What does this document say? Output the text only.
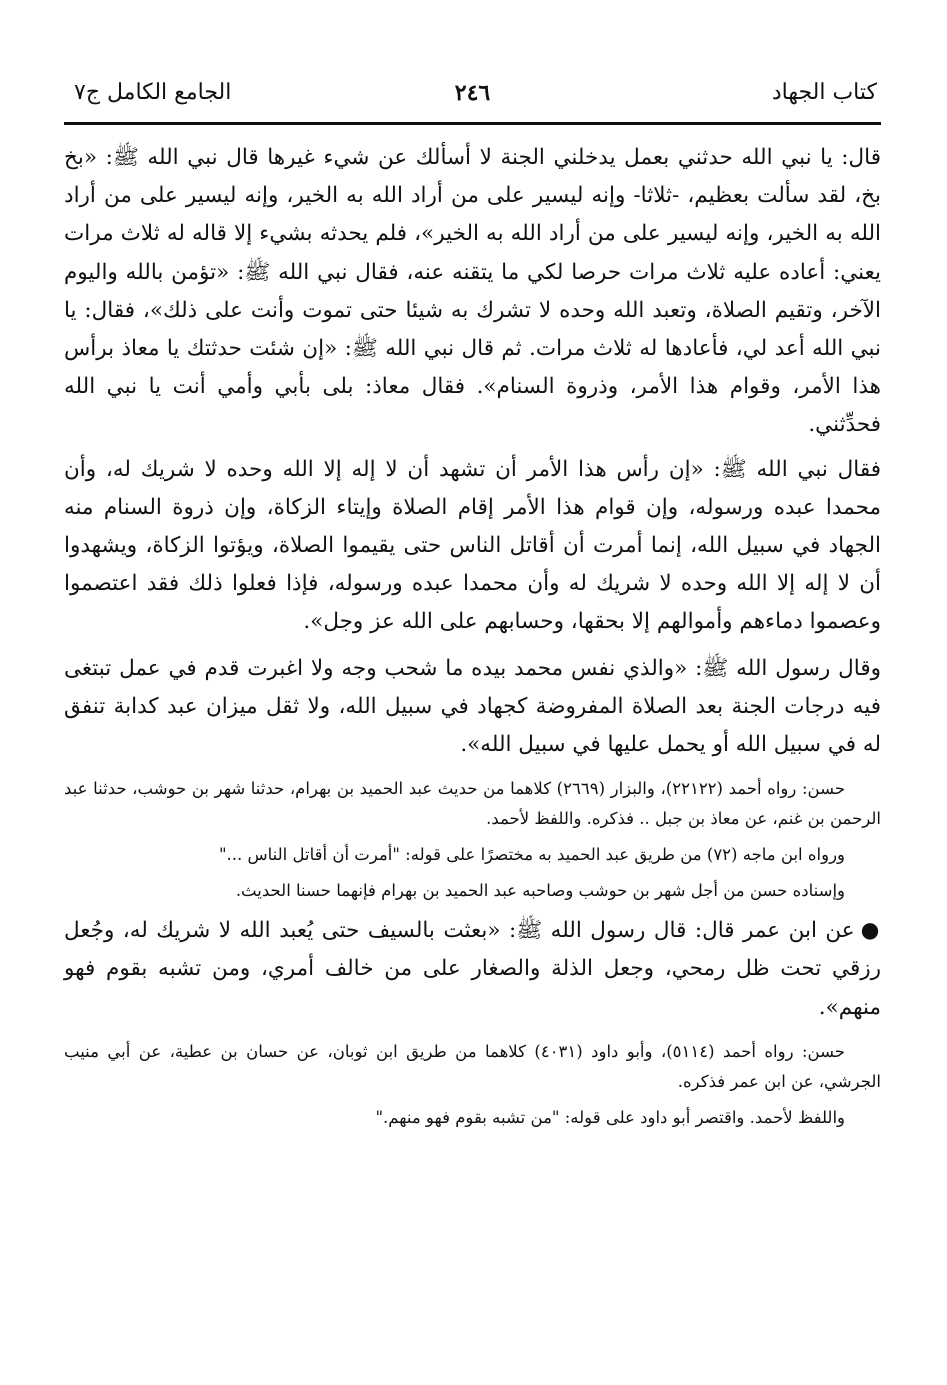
كتاب الجهاد
٢٤٦
الجامع الكامل ج٧

قال: يا نبي الله حدثني بعمل يدخلني الجنة لا أسألك عن شيء غيرها قال نبي الله ﷺ: «بخ بخ، لقد سألت بعظيم، -ثلاثا- وإنه ليسير على من أراد الله به الخير، وإنه ليسير على من أراد الله به الخير، وإنه ليسير على من أراد الله به الخير»، فلم يحدثه بشيء إلا قاله له ثلاث مرات يعني: أعاده عليه ثلاث مرات حرصا لكي ما يتقنه عنه، فقال نبي الله ﷺ: «تؤمن بالله واليوم الآخر، وتقيم الصلاة، وتعبد الله وحده لا تشرك به شيئا حتى تموت وأنت على ذلك»، فقال: يا نبي الله أعد لي، فأعادها له ثلاث مرات. ثم قال نبي الله ﷺ: «إن شئت حدثتك يا معاذ برأس هذا الأمر، وقوام هذا الأمر، وذروة السنام». فقال معاذ: بلى بأبي وأمي أنت يا نبي الله فحدِّثني.

فقال نبي الله ﷺ: «إن رأس هذا الأمر أن تشهد أن لا إله إلا الله وحده لا شريك له، وأن محمدا عبده ورسوله، وإن قوام هذا الأمر إقام الصلاة وإيتاء الزكاة، وإن ذروة السنام منه الجهاد في سبيل الله، إنما أمرت أن أقاتل الناس حتى يقيموا الصلاة، ويؤتوا الزكاة، ويشهدوا أن لا إله إلا الله وحده لا شريك له وأن محمدا عبده ورسوله، فإذا فعلوا ذلك فقد اعتصموا وعصموا دماءهم وأموالهم إلا بحقها، وحسابهم على الله عز وجل».

وقال رسول الله ﷺ: «والذي نفس محمد بيده ما شحب وجه ولا اغبرت قدم في عمل تبتغى فيه درجات الجنة بعد الصلاة المفروضة كجهاد في سبيل الله، ولا ثقل ميزان عبد كدابة تنفق له في سبيل الله أو يحمل عليها في سبيل الله».

حسن: رواه أحمد (٢٢١٢٢)، والبزار (٢٦٦٩) كلاهما من حديث عبد الحميد بن بهرام، حدثنا شهر بن حوشب، حدثنا عبد الرحمن بن غنم، عن معاذ بن جبل .. فذكره. واللفظ لأحمد.

ورواه ابن ماجه (٧٢) من طريق عبد الحميد به مختصرًا على قوله: "أمرت أن أقاتل الناس ..."

وإسناده حسن من أجل شهر بن حوشب وصاحبه عبد الحميد بن بهرام فإنهما حسنا الحديث.

●عن ابن عمر قال: قال رسول الله ﷺ: «بعثت بالسيف حتى يُعبد الله لا شريك له، وجُعل رزقي تحت ظل رمحي، وجعل الذلة والصغار على من خالف أمري، ومن تشبه بقوم فهو منهم».

حسن: رواه أحمد (٥١١٤)، وأبو داود (٤٠٣١) كلاهما من طريق ابن ثوبان، عن حسان بن عطية، عن أبي منيب الجرشي، عن ابن عمر فذكره.

واللفظ لأحمد. واقتصر أبو داود على قوله: "من تشبه بقوم فهو منهم."
